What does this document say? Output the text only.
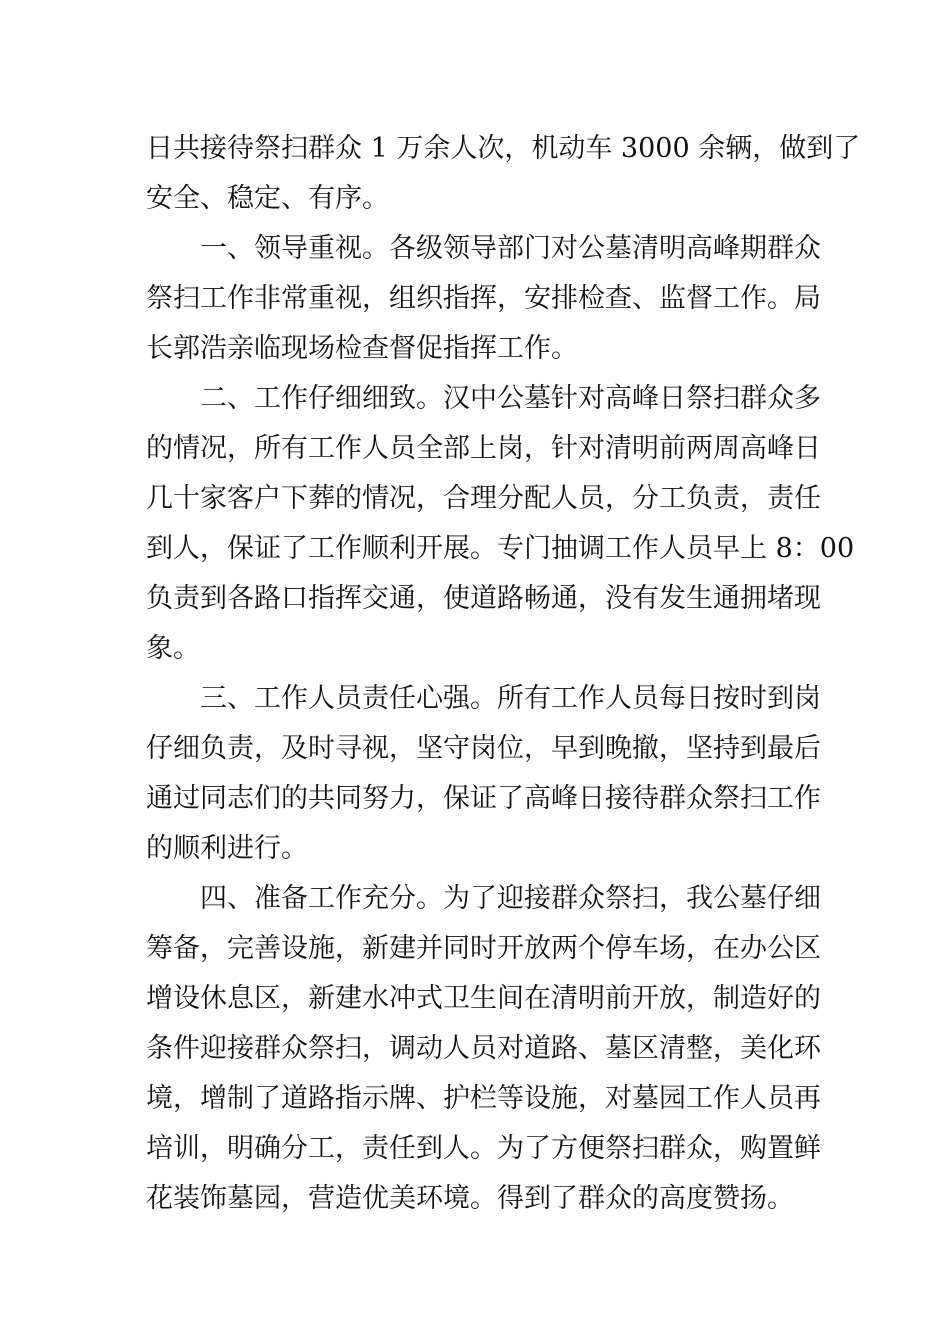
日共接待祭扫群众 1 万余人次，机动车 3000 余辆，做到了
安全、稳定、有序。
一、领导重视。各级领导部门对公墓清明高峰期群众
祭扫工作非常重视，组织指挥，安排检查、监督工作。局
长郭浩亲临现场检查督促指挥工作。
二、工作仔细细致。汉中公墓针对高峰日祭扫群众多
的情况，所有工作人员全部上岗，针对清明前两周高峰日
几十家客户下葬的情况，合理分配人员，分工负责，责任
到人，保证了工作顺利开展。专门抽调工作人员早上 8：00
负责到各路口指挥交通，使道路畅通，没有发生通拥堵现
象。
三、工作人员责任心强。所有工作人员每日按时到岗
仔细负责，及时寻视，坚守岗位，早到晚撤，坚持到最后
通过同志们的共同努力，保证了高峰日接待群众祭扫工作
的顺利进行。
四、准备工作充分。为了迎接群众祭扫，我公墓仔细
筹备，完善设施，新建并同时开放两个停车场，在办公区
增设休息区，新建水冲式卫生间在清明前开放，制造好的
条件迎接群众祭扫，调动人员对道路、墓区清整，美化环
境，增制了道路指示牌、护栏等设施，对墓园工作人员再
培训，明确分工，责任到人。为了方便祭扫群众，购置鲜
花装饰墓园，营造优美环境。得到了群众的高度赞扬。
